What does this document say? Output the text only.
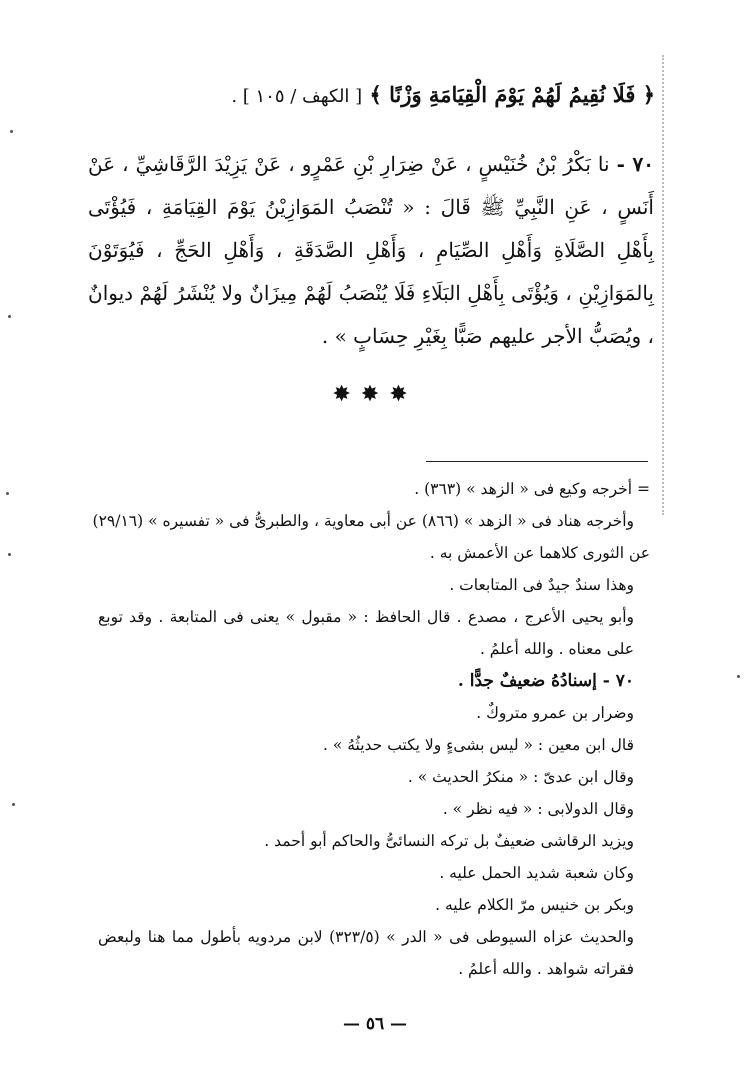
﴿ فَلَا نُقِيمُ لَهُمْ يَوْمَ الْقِيَامَةِ وَزْنًا ﴾ [ الكهف / ١٠٥ ] .
٧٠ - نا بَكْرُ بْنُ خُنَيْسٍ ، عَنْ ضِرَارِ بْنِ عَمْرٍو ، عَنْ يَزِيْدَ الرَّقَاشِيِّ ، عَنْ أَنَسٍ ، عَنِ النَّبِيِّ ﷺ قَالَ : « تُنْصَبُ المَوَازِيْنُ يَوْمَ القِيَامَةِ ، فَيُؤْتَى بِأَهْلِ الصَّلَاةِ وَأَهْلِ الصِّيَامِ ، وَأَهْلِ الصَّدَقَةِ ، وَأَهْلِ الحَجِّ ، فَيُوَتَوْنَ بِالمَوَازِيْنِ ، وَيُؤْتَى بِأَهْلِ البَلَاءِ فَلَا يُنْصَبُ لَهُمْ مِيزَانٌ ولا يُنْشَرُ لَهُمْ ديوانٌ ، ويُصَبُّ الأجر عليهم صَبًّا بِغَيْرِ حِسَابٍ » .
✸✸✸

= أخرجه وكيع فى « الزهد » (٣٦٣) .

وأخرجه هناد فى « الزهد » (٨٦٦) عن أبى معاوية ، والطبرىُّ فى « تفسيره » (٢٩/١٦)

عن الثورى كلاهما عن الأعمش به .

وهذا سندٌ جيدٌ فى المتابعات .

وأبو يحيى الأعرج ، مصدع . قال الحافظ : « مقبول » يعنى فى المتابعة . وقد توبع على معناه . والله أعلمُ .

٧٠ - إسنادُهُ ضعيفٌ جدًّا .

وضرار بن عمرو متروكٌ .

قال ابن معين : « ليس بشىءٍ ولا يكتب حديثُهُ » .

وقال ابن عدىّ : « منكرُ الحديث » .

وقال الدولابى : « فيه نظر » .

ويزيد الرقاشى ضعيفٌ بل تركه النسائىُّ والحاكم أبو أحمد .

وكان شعبة شديد الحمل عليه .

وبكر بن خنيس مرّ الكلام عليه .

والحديث عزاه السيوطى فى « الدر » (٣٢٣/٥) لابن مردويه بأطول مما هنا ولبعض فقراته شواهد . والله أعلمُ .

— ٥٦ —
